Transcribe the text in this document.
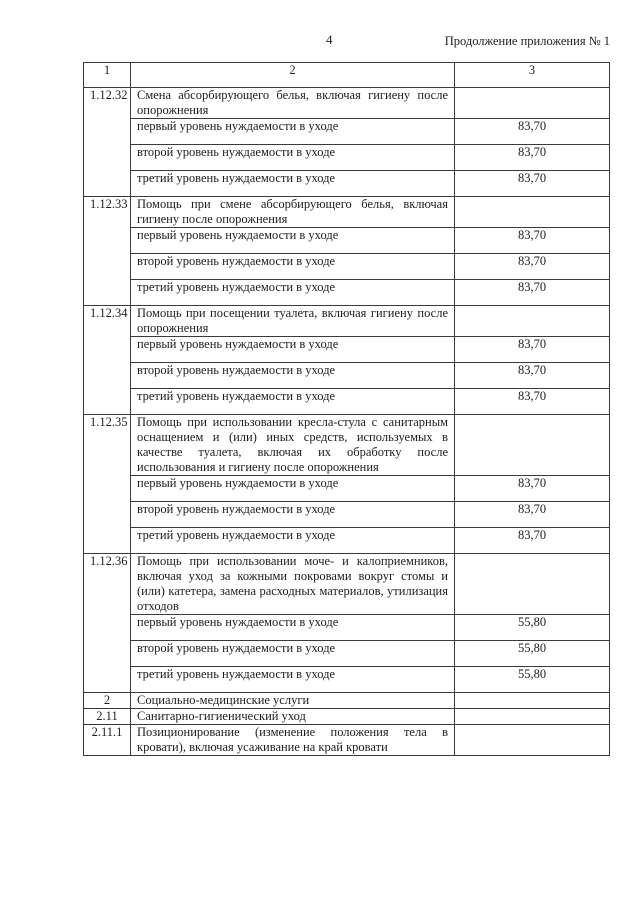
4	Продолжение приложения № 1
1	2	3
1.12.32	Смена абсорбирующего белья, включая гигиену после опорожнения	
	первый уровень нуждаемости в уходе	83,70
	второй уровень нуждаемости в уходе	83,70
	третий уровень нуждаемости в уходе	83,70
1.12.33	Помощь при смене абсорбирующего белья, включая гигиену после опорожнения	
	первый уровень нуждаемости в уходе	83,70
	второй уровень нуждаемости в уходе	83,70
	третий уровень нуждаемости в уходе	83,70
1.12.34	Помощь при посещении туалета, включая гигиену после опорожнения	
	первый уровень нуждаемости в уходе	83,70
	второй уровень нуждаемости в уходе	83,70
	третий уровень нуждаемости в уходе	83,70
1.12.35	Помощь при использовании кресла-стула с санитарным оснащением и (или) иных средств, используемых в качестве туалета, включая их обработку после использования и гигиену после опорожнения	
	первый уровень нуждаемости в уходе	83,70
	второй уровень нуждаемости в уходе	83,70
	третий уровень нуждаемости в уходе	83,70
1.12.36	Помощь при использовании моче- и калоприемников, включая уход за кожными покровами вокруг стомы и (или) катетера, замена расходных материалов, утилизация отходов	
	первый уровень нуждаемости в уходе	55,80
	второй уровень нуждаемости в уходе	55,80
	третий уровень нуждаемости в уходе	55,80
2	Социально-медицинские услуги	
2.11	Санитарно-гигиенический уход	
2.11.1	Позиционирование (изменение положения тела в кровати), включая усаживание на край кровати	
